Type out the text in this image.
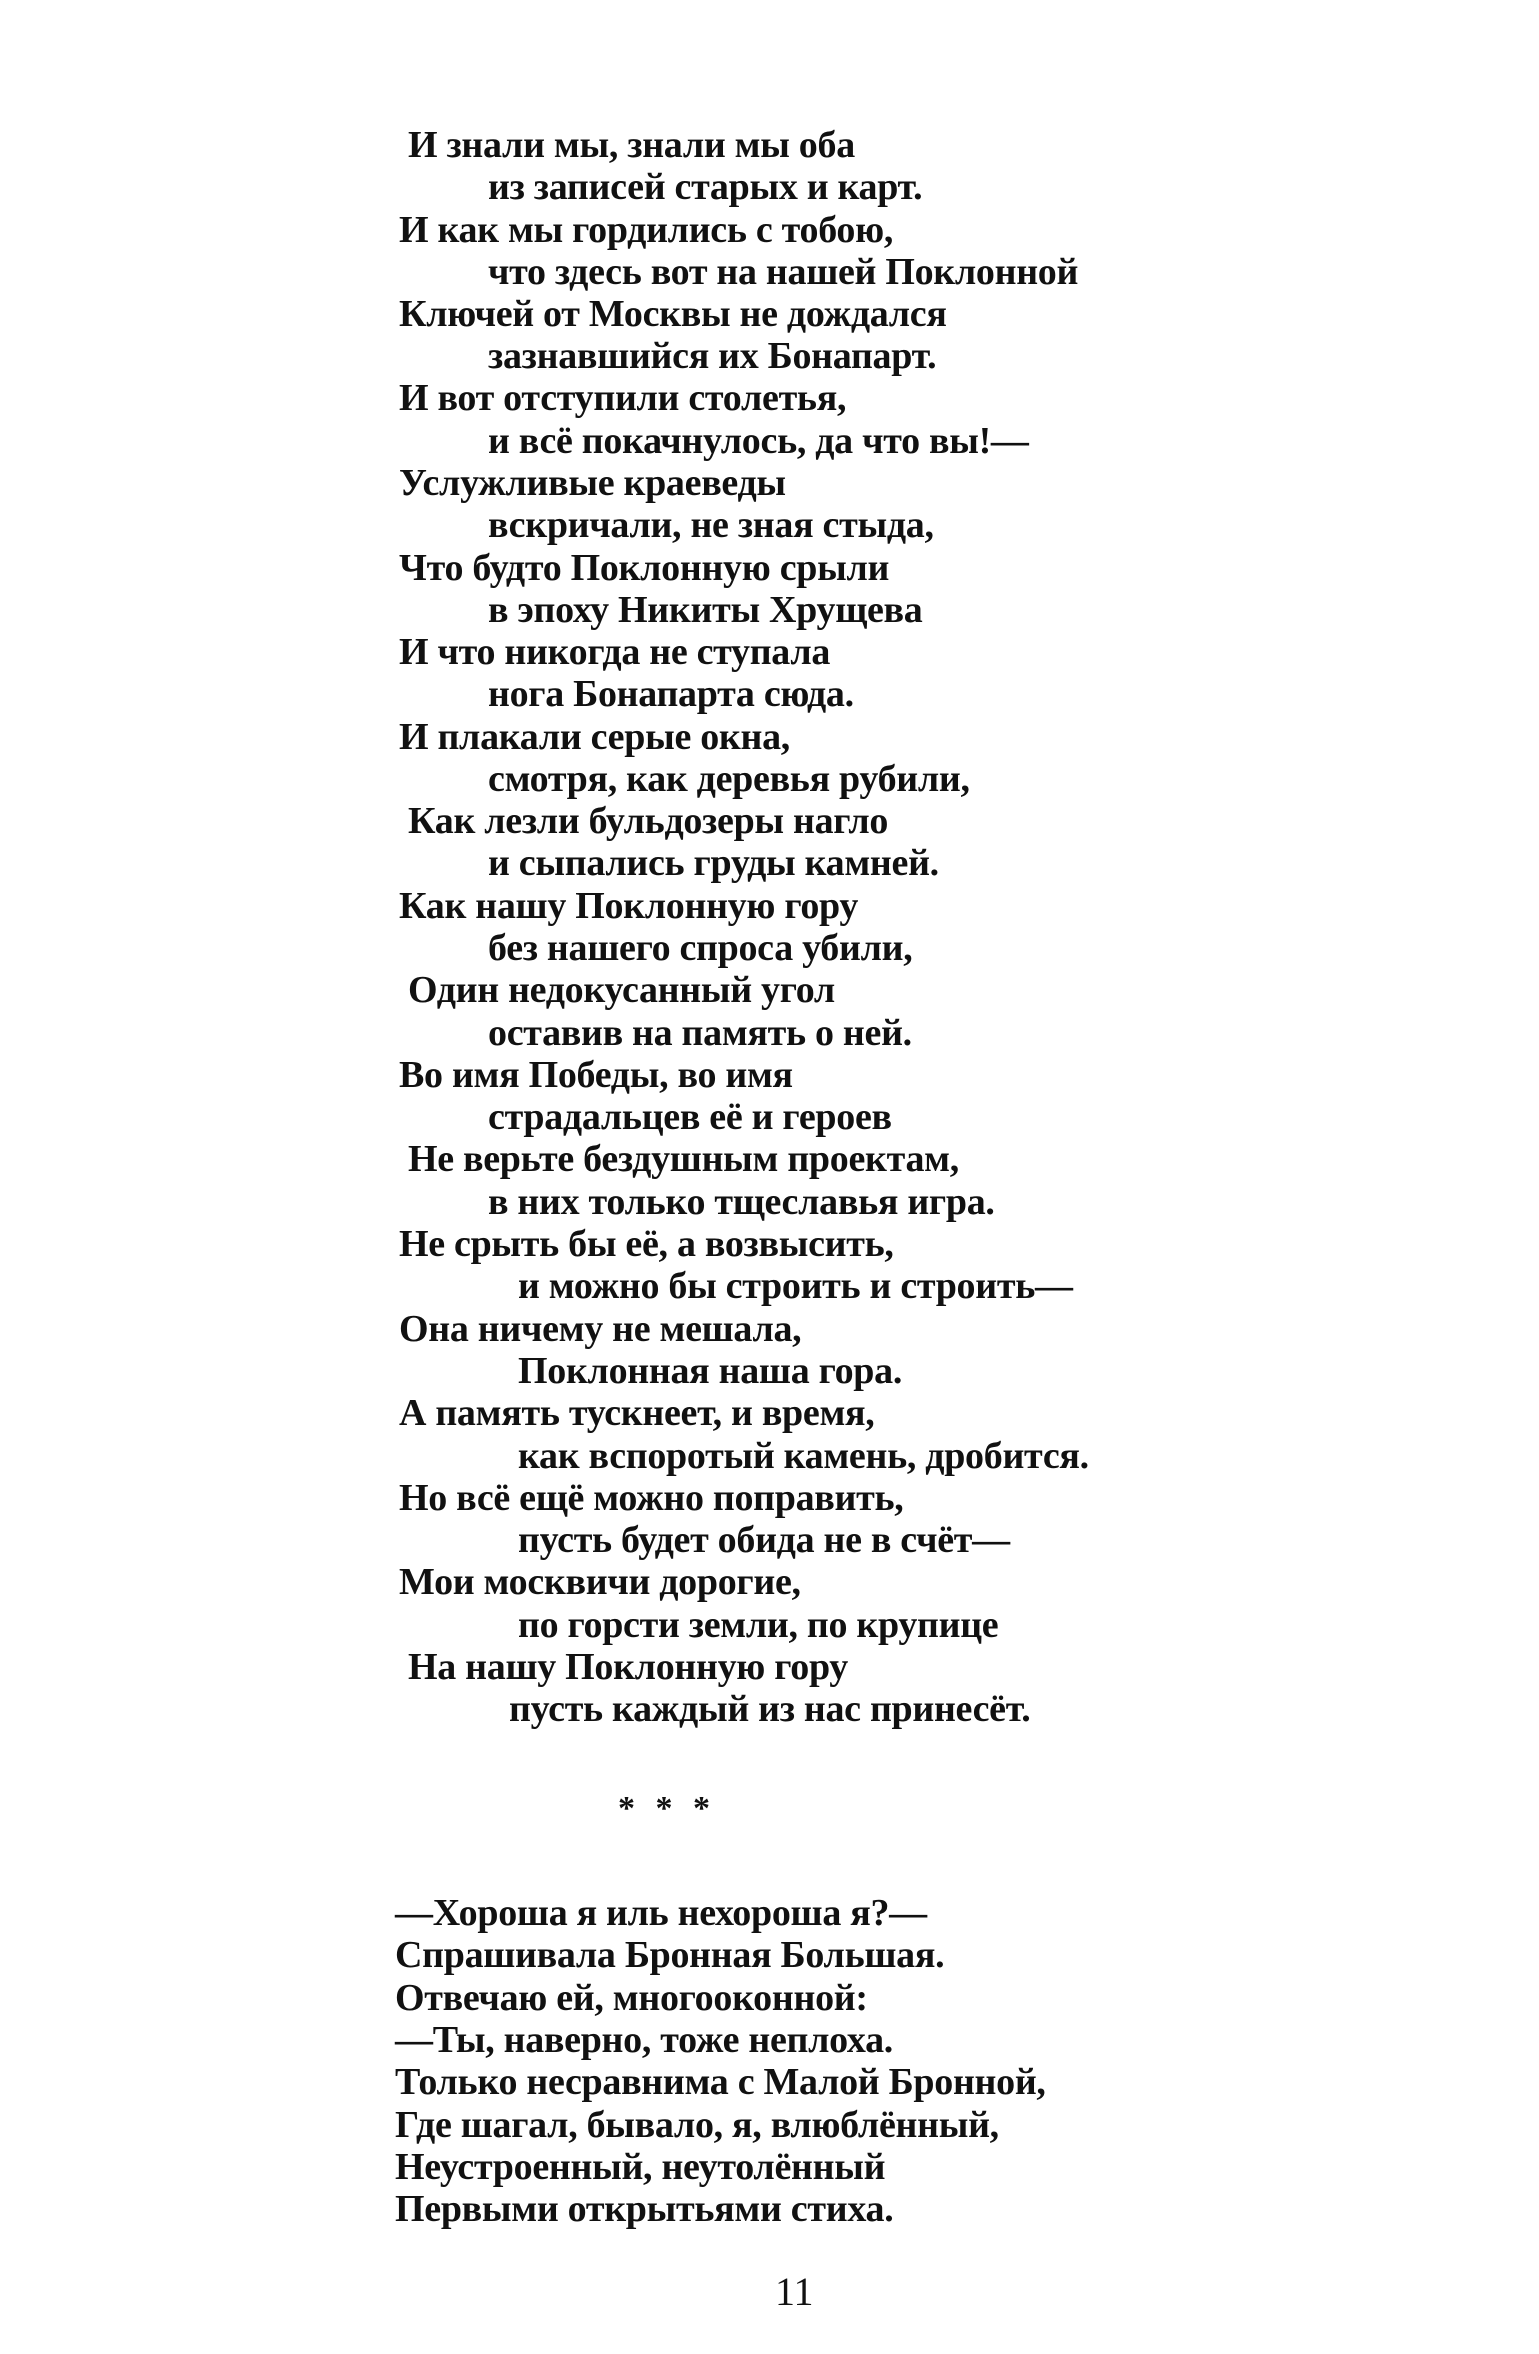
И знали мы, знали мы оба
из записей старых и карт.
И как мы гордились с тобою,
что здесь вот на нашей Поклонной
Ключей от Москвы не дождался
зазнавшийся их Бонапарт.
И вот отступили столетья,
и всё покачнулось, да что вы!—
Услужливые краеведы
вскричали, не зная стыда,
Что будто Поклонную срыли
в эпоху Никиты Хрущева
И что никогда не ступала
нога Бонапарта сюда.
И плакали серые окна,
смотря, как деревья рубили,
Как лезли бульдозеры нагло
и сыпались груды камней.
Как нашу Поклонную гору
без нашего спроса убили,
Один недокусанный угол
оставив на память о ней.
Во имя Победы, во имя
страдальцев её и героев
Не верьте бездушным проектам,
в них только тщеславья игра.
Не срыть бы её, а возвысить,
и можно бы строить и строить—
Она ничему не мешала,
Поклонная наша гора.
А память тускнеет, и время,
как вспоротый камень, дробится.
Но всё ещё можно поправить,
пусть будет обида не в счёт—
Мои москвичи дорогие,
по горсти земли, по крупице
На нашу Поклонную гору
пусть каждый из нас принесёт.
* * *
—Хороша я иль нехороша я?—
Спрашивала Бронная Большая.
Отвечаю ей, многооконной:
—Ты, наверно, тоже неплоха.
Только несравнима с Малой Бронной,
Где шагал, бывало, я, влюблённый,
Неустроенный, неутолённый
Первыми открытьями стиха.
11
